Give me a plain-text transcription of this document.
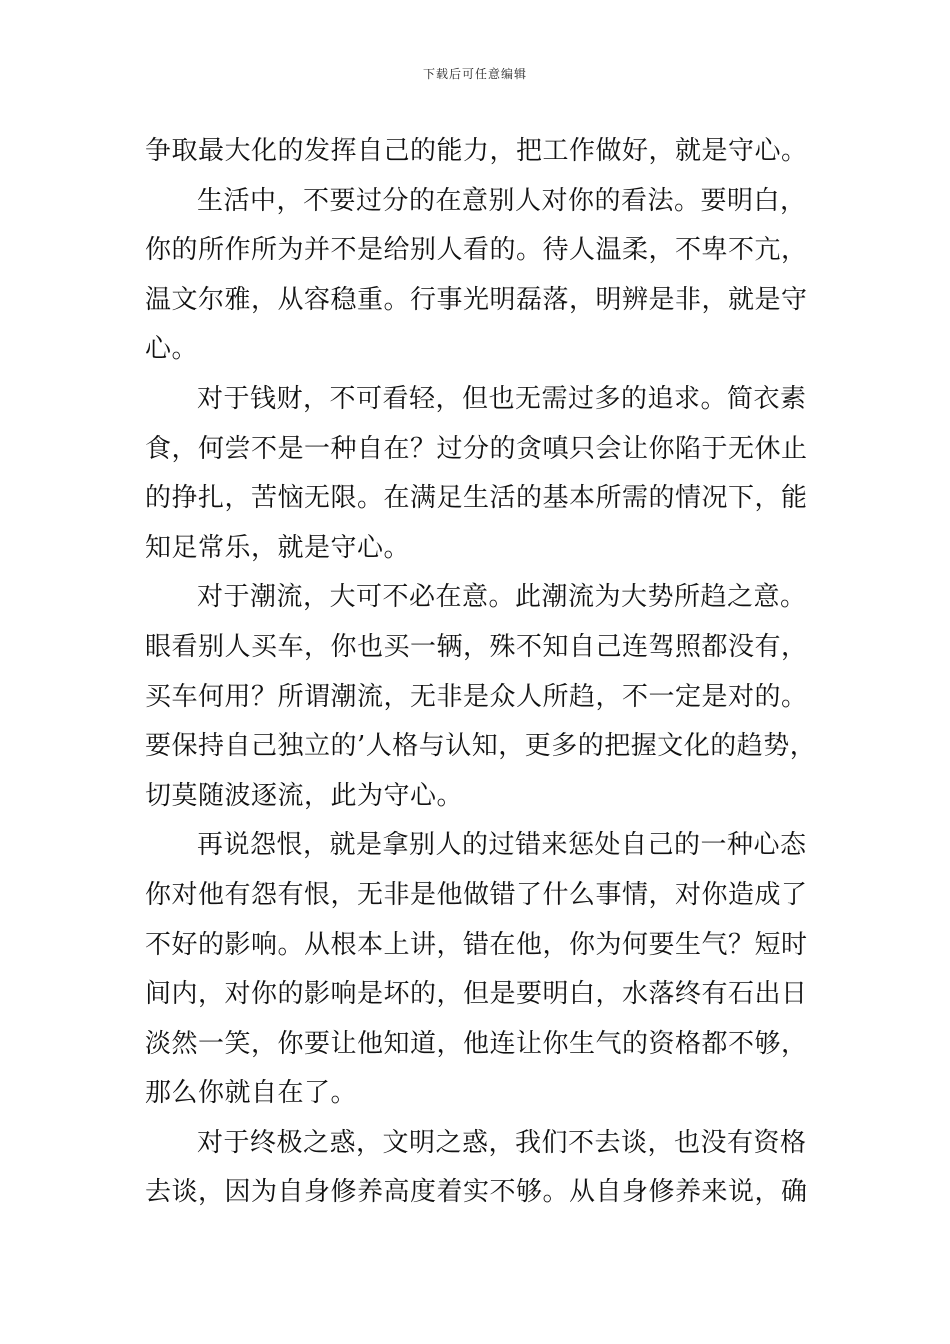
下载后可任意编辑
争取最大化的发挥自己的能力，把工作做好，就是守心。
生活中，不要过分的在意别人对你的看法。要明白，
你的所作所为并不是给别人看的。待人温柔，不卑不亢，
温文尔雅，从容稳重。行事光明磊落，明辨是非，就是守
心。
对于钱财，不可看轻，但也无需过多的追求。简衣素
食，何尝不是一种自在？过分的贪嗔只会让你陷于无休止
的挣扎，苦恼无限。在满足生活的基本所需的情况下，能
知足常乐，就是守心。
对于潮流，大可不必在意。此潮流为大势所趋之意。
眼看别人买车，你也买一辆，殊不知自己连驾照都没有，
买车何用？所谓潮流，无非是众人所趋，不一定是对的。
要保持自己独立的’人格与认知，更多的把握文化的趋势，
切莫随波逐流，此为守心。
再说怨恨，就是拿别人的过错来惩处自己的一种心态
你对他有怨有恨，无非是他做错了什么事情，对你造成了
不好的影响。从根本上讲，错在他，你为何要生气？短时
间内，对你的影响是坏的，但是要明白，水落终有石出日
淡然一笑，你要让他知道，他连让你生气的资格都不够，
那么你就自在了。
对于终极之惑，文明之惑，我们不去谈，也没有资格
去谈，因为自身修养高度着实不够。从自身修养来说，确
